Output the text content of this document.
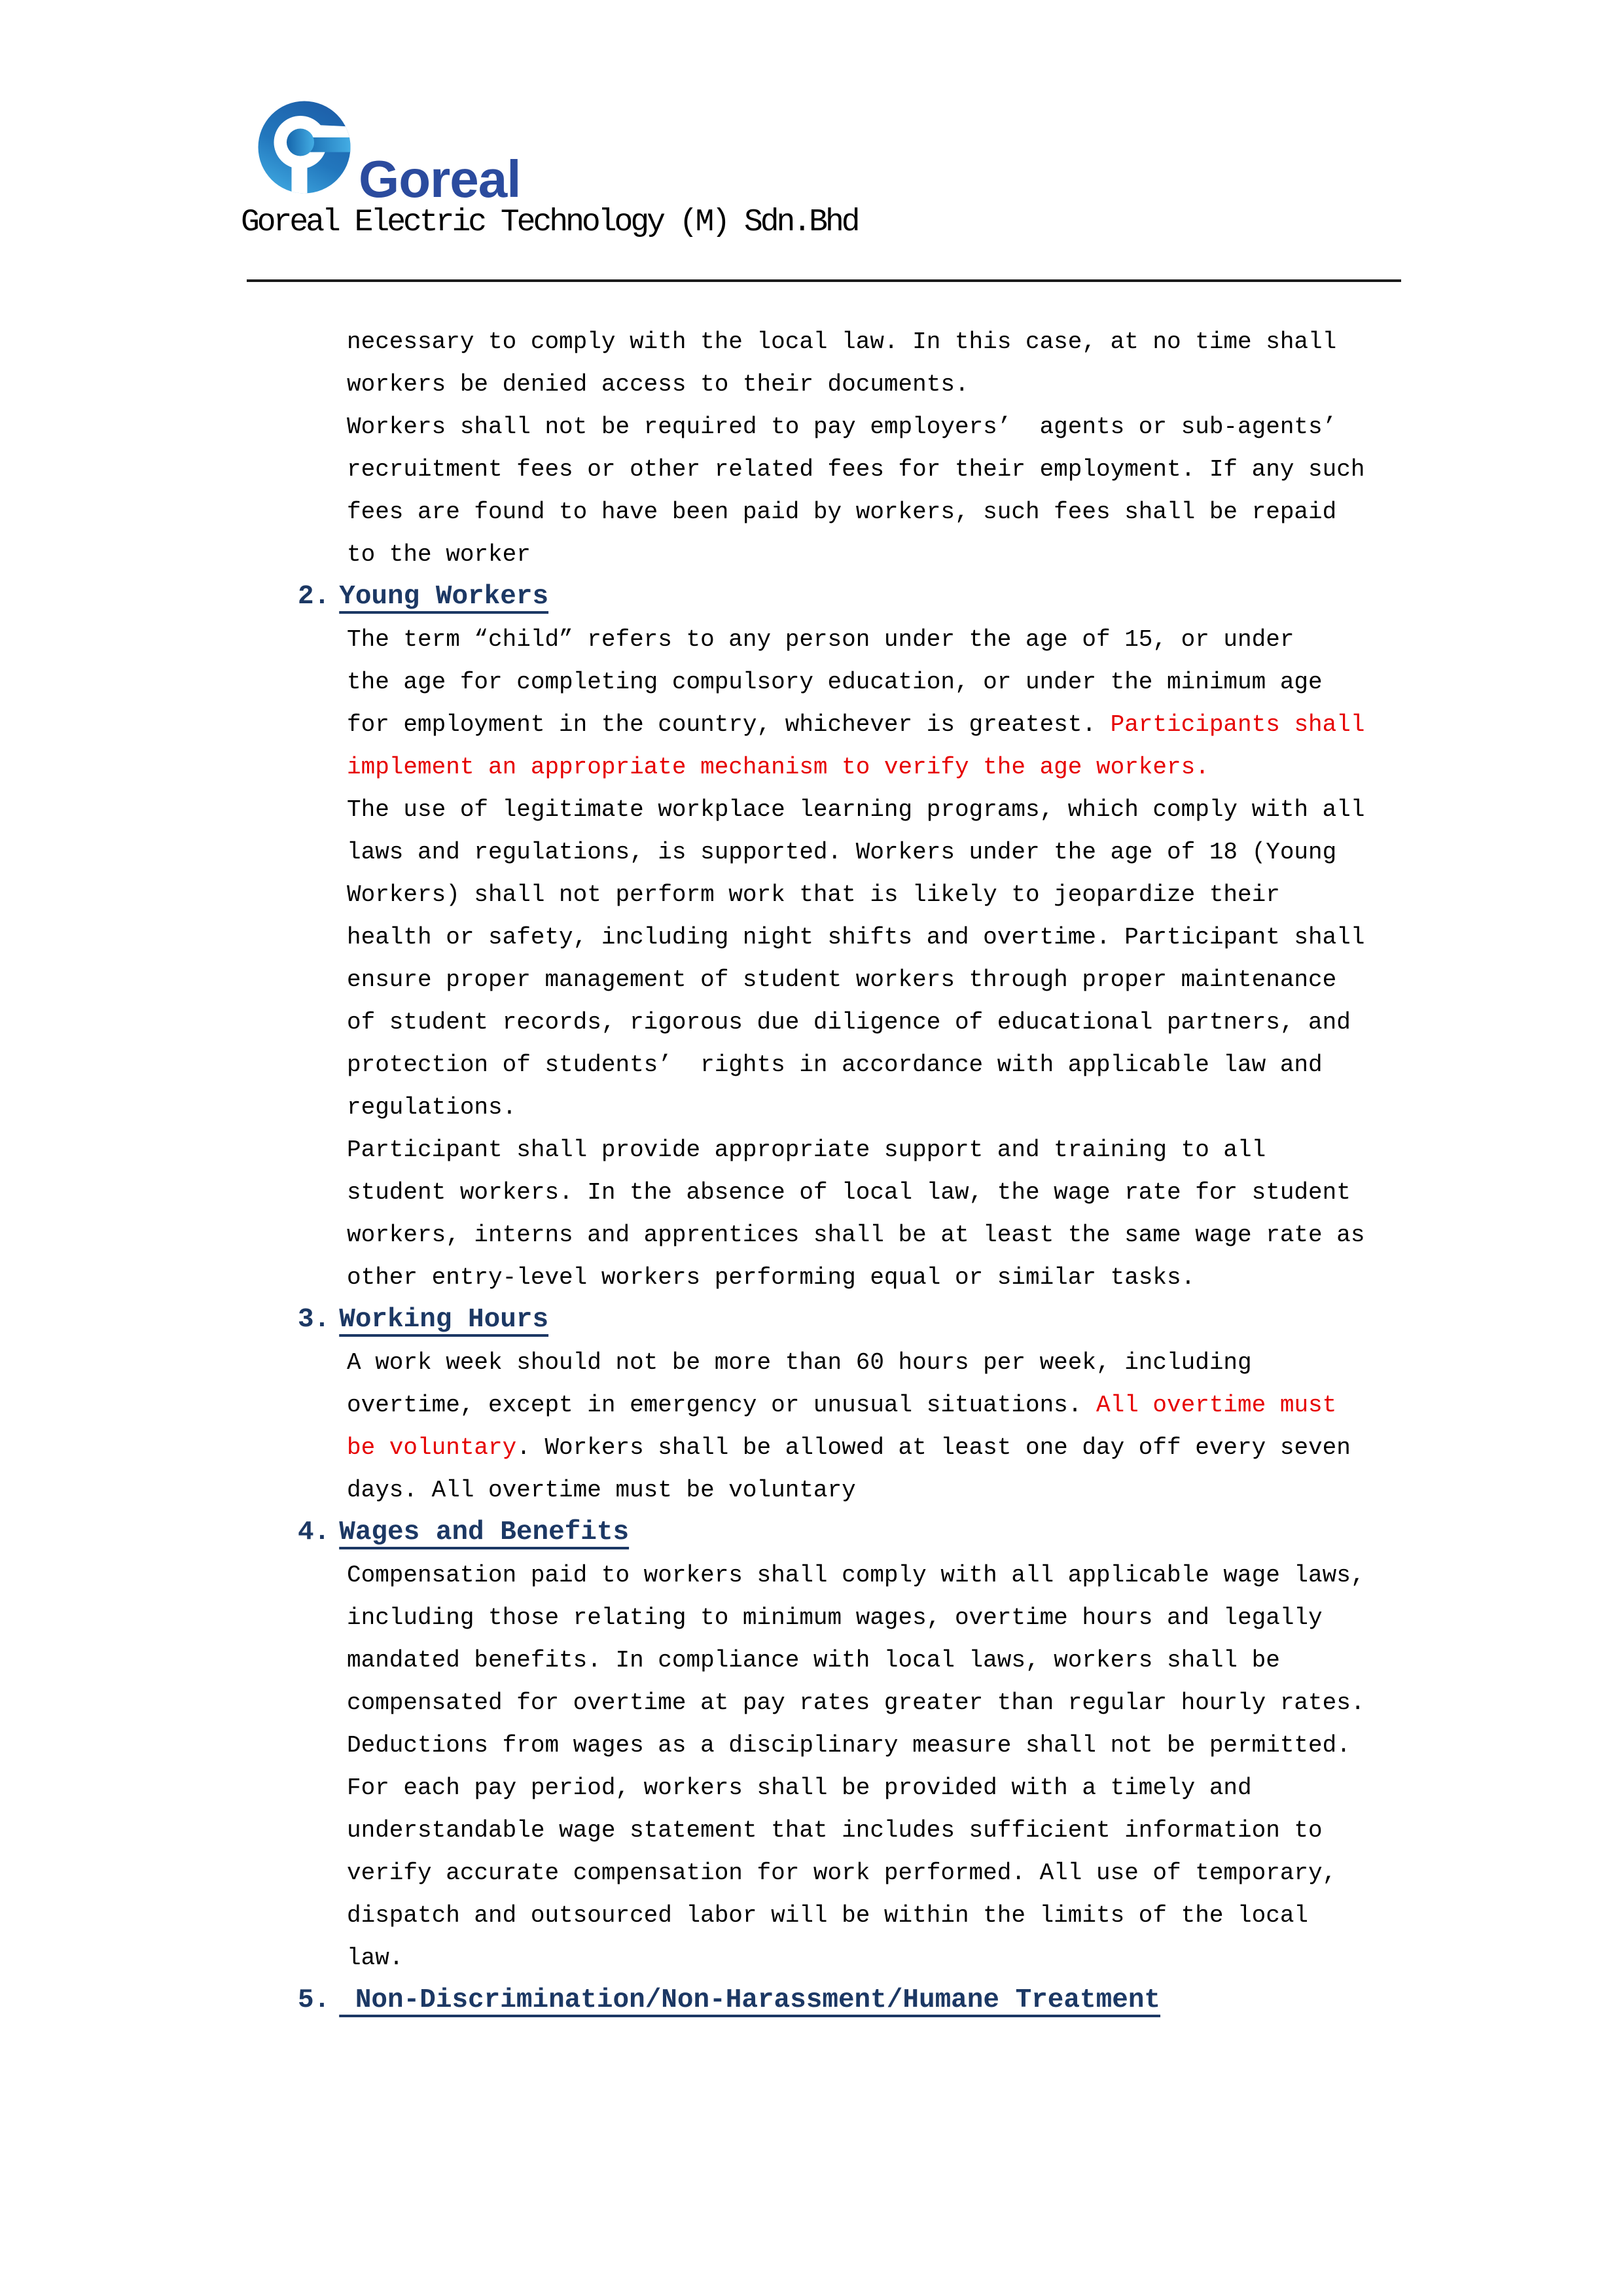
Goreal
Goreal Electric Technology (M) Sdn.Bhd
necessary to comply with the local law. In this case, at no time shall
workers be denied access to their documents.
Workers shall not be required to pay employers’  agents or sub-agents’
recruitment fees or other related fees for their employment. If any such
fees are found to have been paid by workers, such fees shall be repaid
to the worker
2. Young Workers
The term “child” refers to any person under the age of 15, or under
the age for completing compulsory education, or under the minimum age
for employment in the country, whichever is greatest. Participants shall
implement an appropriate mechanism to verify the age workers.
The use of legitimate workplace learning programs, which comply with all
laws and regulations, is supported. Workers under the age of 18 (Young
Workers) shall not perform work that is likely to jeopardize their
health or safety, including night shifts and overtime. Participant shall
ensure proper management of student workers through proper maintenance
of student records, rigorous due diligence of educational partners, and
protection of students’  rights in accordance with applicable law and
regulations.
Participant shall provide appropriate support and training to all
student workers. In the absence of local law, the wage rate for student
workers, interns and apprentices shall be at least the same wage rate as
other entry-level workers performing equal or similar tasks.
3. Working Hours
A work week should not be more than 60 hours per week, including
overtime, except in emergency or unusual situations. All overtime must
be voluntary. Workers shall be allowed at least one day off every seven
days. All overtime must be voluntary
4. Wages and Benefits
Compensation paid to workers shall comply with all applicable wage laws,
including those relating to minimum wages, overtime hours and legally
mandated benefits. In compliance with local laws, workers shall be
compensated for overtime at pay rates greater than regular hourly rates.
Deductions from wages as a disciplinary measure shall not be permitted.
For each pay period, workers shall be provided with a timely and
understandable wage statement that includes sufficient information to
verify accurate compensation for work performed. All use of temporary,
dispatch and outsourced labor will be within the limits of the local
law.
5. Non-Discrimination/Non-Harassment/Humane Treatment
